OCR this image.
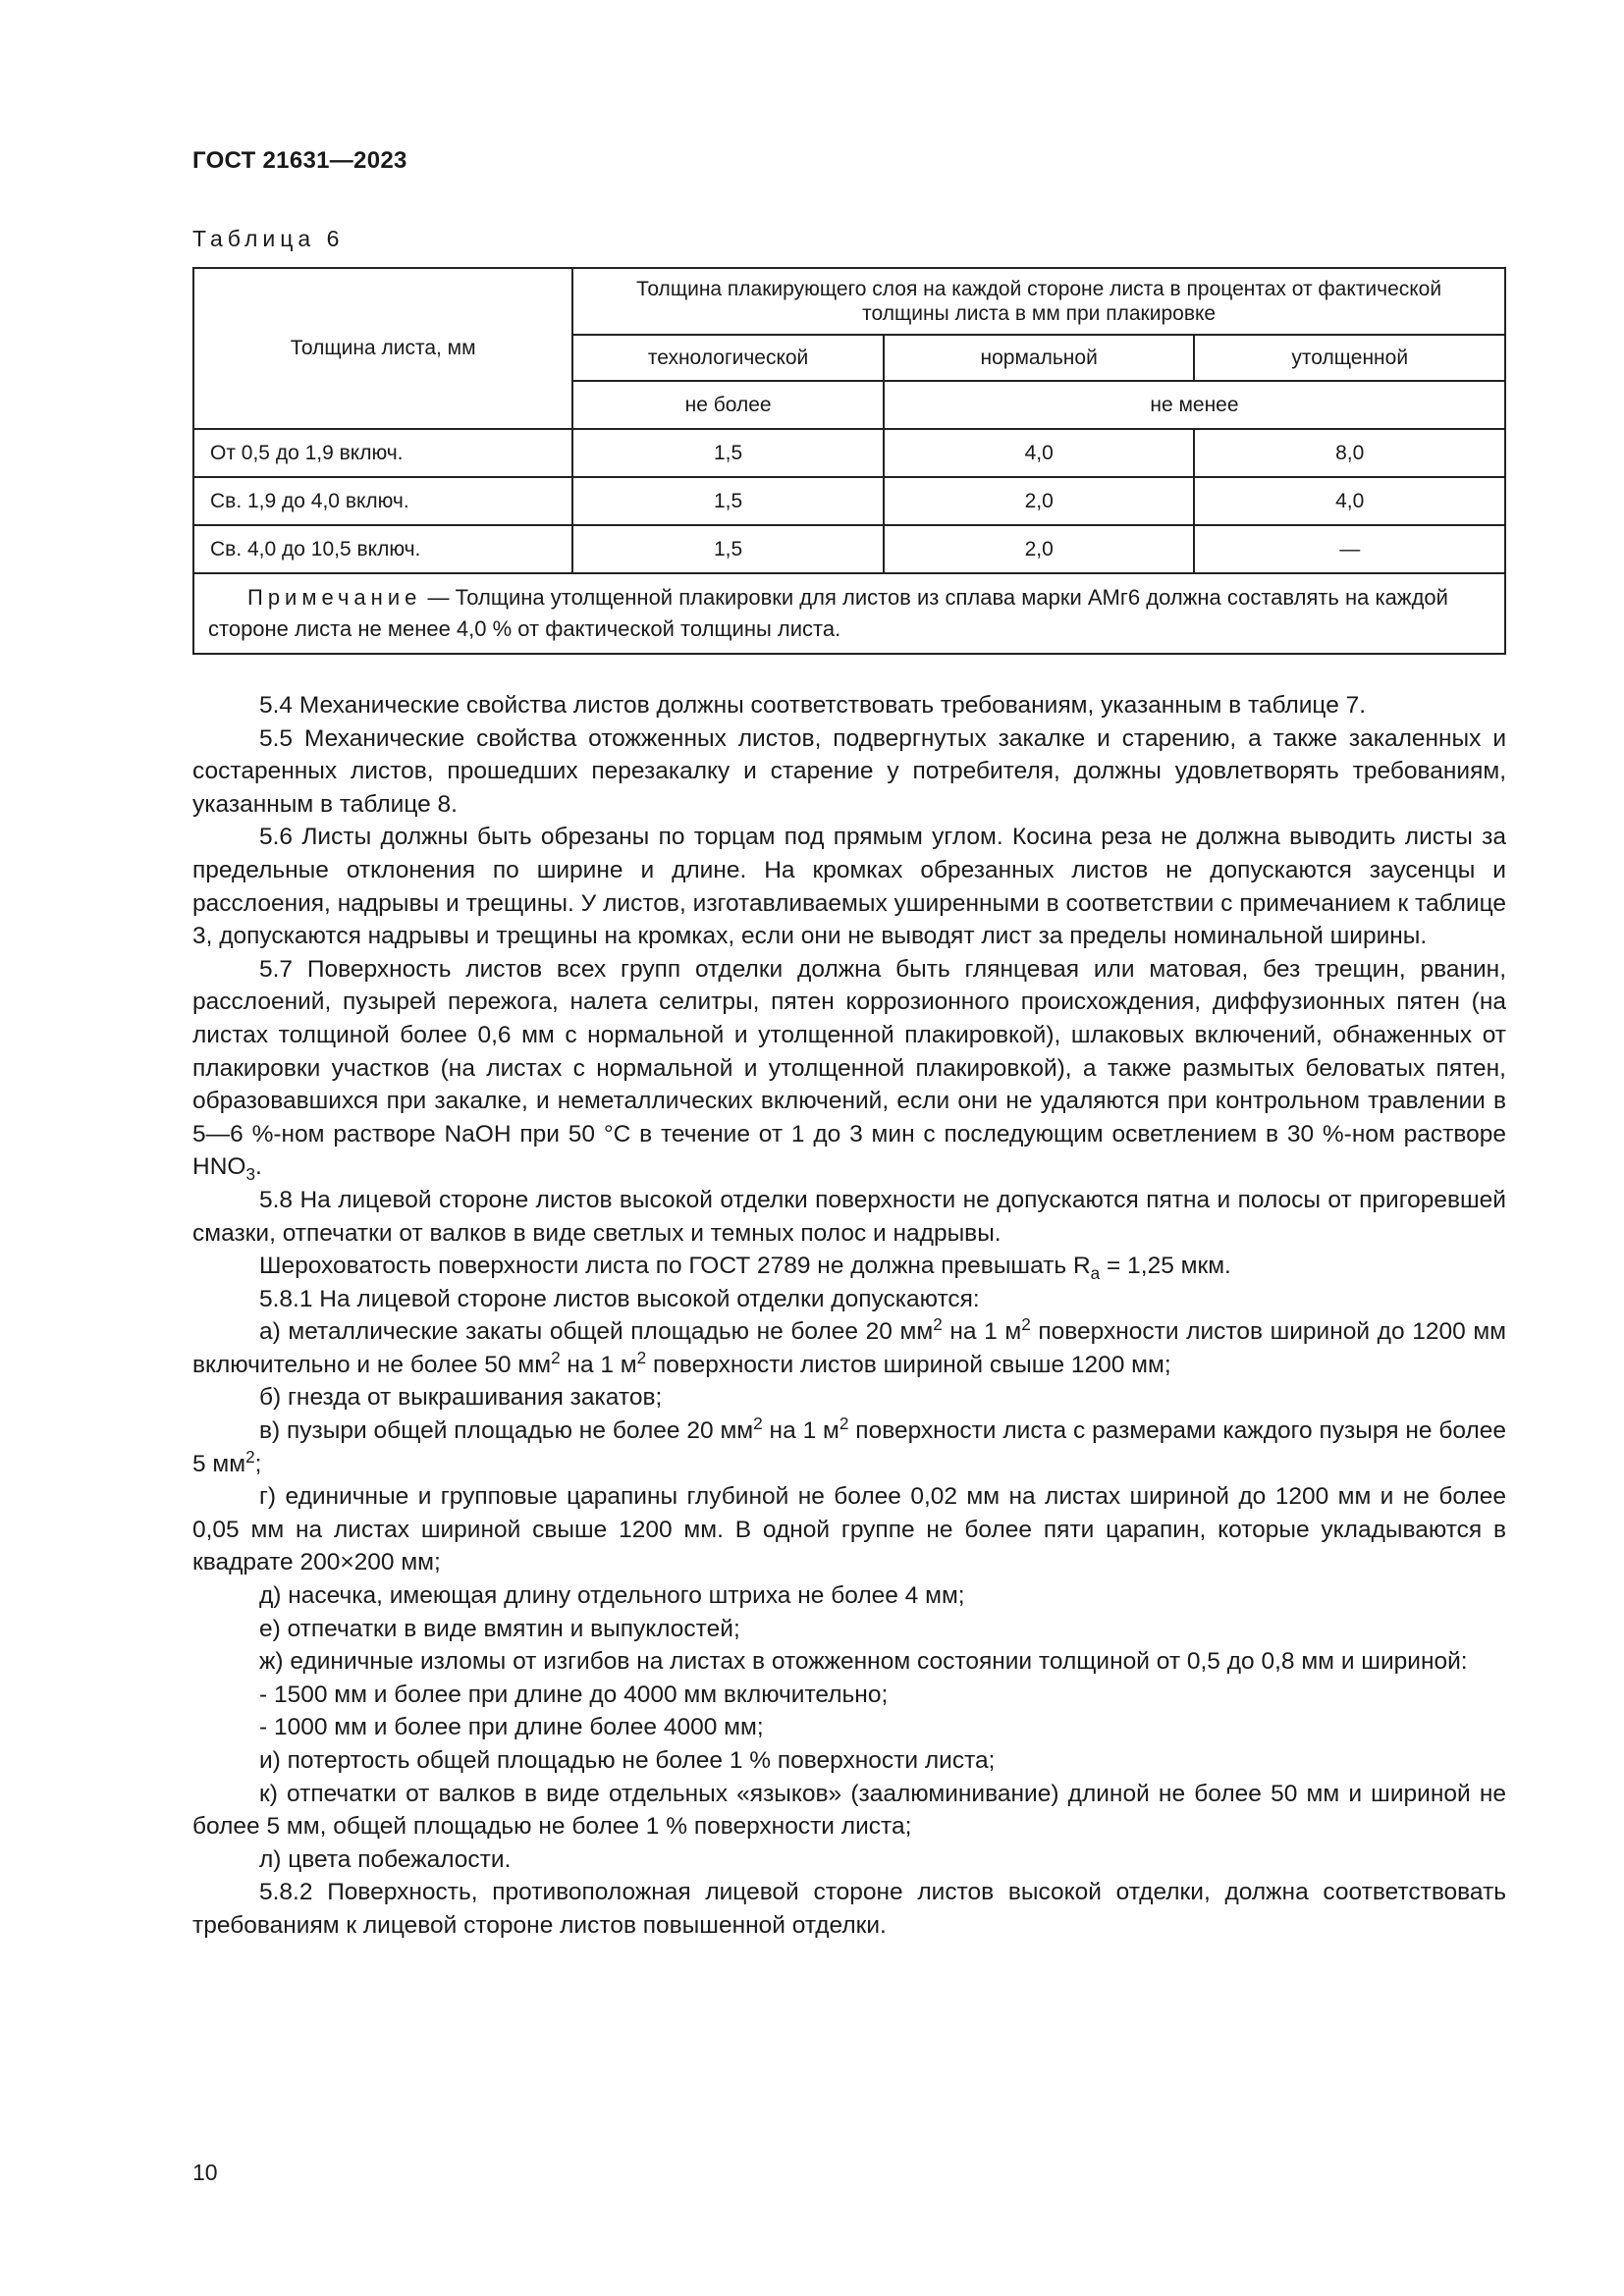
ГОСТ 21631—2023
Таблица 6
Толщина листа, мм	Толщина плакирующего слоя на каждой стороне листа в процентах от фактической толщины листа в мм при плакировке		
	технологической	нормальной	утолщенной
	не более	не менее	
От 0,5 до 1,9 включ.	1,5	4,0	8,0
Св. 1,9 до 4,0 включ.	1,5	2,0	4,0
Св. 4,0 до 10,5 включ.	1,5	2,0	—
Примечание — Толщина утолщенной плакировки для листов из сплава марки АМг6 должна составлять на каждой стороне листа не менее 4,0 % от фактической толщины листа.			

5.4 Механические свойства листов должны соответствовать требованиям, указанным в таблице 7.

5.5 Механические свойства отожженных листов, подвергнутых закалке и старению, а также закаленных и состаренных листов, прошедших перезакалку и старение у потребителя, должны удовлетворять требованиям, указанным в таблице 8.

5.6 Листы должны быть обрезаны по торцам под прямым углом. Косина реза не должна выводить листы за предельные отклонения по ширине и длине. На кромках обрезанных листов не допускаются заусенцы и расслоения, надрывы и трещины. У листов, изготавливаемых уширенными в соответствии с примечанием к таблице 3, допускаются надрывы и трещины на кромках, если они не выводят лист за пределы номинальной ширины.

5.7 Поверхность листов всех групп отделки должна быть глянцевая или матовая, без трещин, рванин, расслоений, пузырей пережога, налета селитры, пятен коррозионного происхождения, диффузионных пятен (на листах толщиной более 0,6 мм с нормальной и утолщенной плакировкой), шлаковых включений, обнаженных от плакировки участков (на листах с нормальной и утолщенной плакировкой), а также размытых беловатых пятен, образовавшихся при закалке, и неметаллических включений, если они не удаляются при контрольном травлении в 5—6 %-ном растворе NaOH при 50 °С в течение от 1 до 3 мин с последующим осветлением в 30 %-ном растворе $HNO_3$.

5.8 На лицевой стороне листов высокой отделки поверхности не допускаются пятна и полосы от пригоревшей смазки, отпечатки от валков в виде светлых и темных полос и надрывы.

Шероховатость поверхности листа по ГОСТ 2789 не должна превышать $R_a = 1,25$ мкм.

5.8.1 На лицевой стороне листов высокой отделки допускаются:

а) металлические закаты общей площадью не более 20 $мм^2$ на 1 $м^2$ поверхности листов шириной до 1200 мм включительно и не более 50 $мм^2$ на 1 $м^2$ поверхности листов шириной свыше 1200 мм;

б) гнезда от выкрашивания закатов;

в) пузыри общей площадью не более 20 $мм^2$ на 1 $м^2$ поверхности листа с размерами каждого пузыря не более 5 $мм^2$;

г) единичные и групповые царапины глубиной не более 0,02 мм на листах шириной до 1200 мм и не более 0,05 мм на листах шириной свыше 1200 мм. В одной группе не более пяти царапин, которые укладываются в квадрате 200×200 мм;

д) насечка, имеющая длину отдельного штриха не более 4 мм;

е) отпечатки в виде вмятин и выпуклостей;

ж) единичные изломы от изгибов на листах в отожженном состоянии толщиной от 0,5 до 0,8 мм и шириной:

- 1500 мм и более при длине до 4000 мм включительно;

- 1000 мм и более при длине более 4000 мм;

и) потертость общей площадью не более 1 % поверхности листа;

к) отпечатки от валков в виде отдельных «языков» (заалюминивание) длиной не более 50 мм и шириной не более 5 мм, общей площадью не более 1 % поверхности листа;

л) цвета побежалости.

5.8.2 Поверхность, противоположная лицевой стороне листов высокой отделки, должна соответствовать требованиям к лицевой стороне листов повышенной отделки.

10
